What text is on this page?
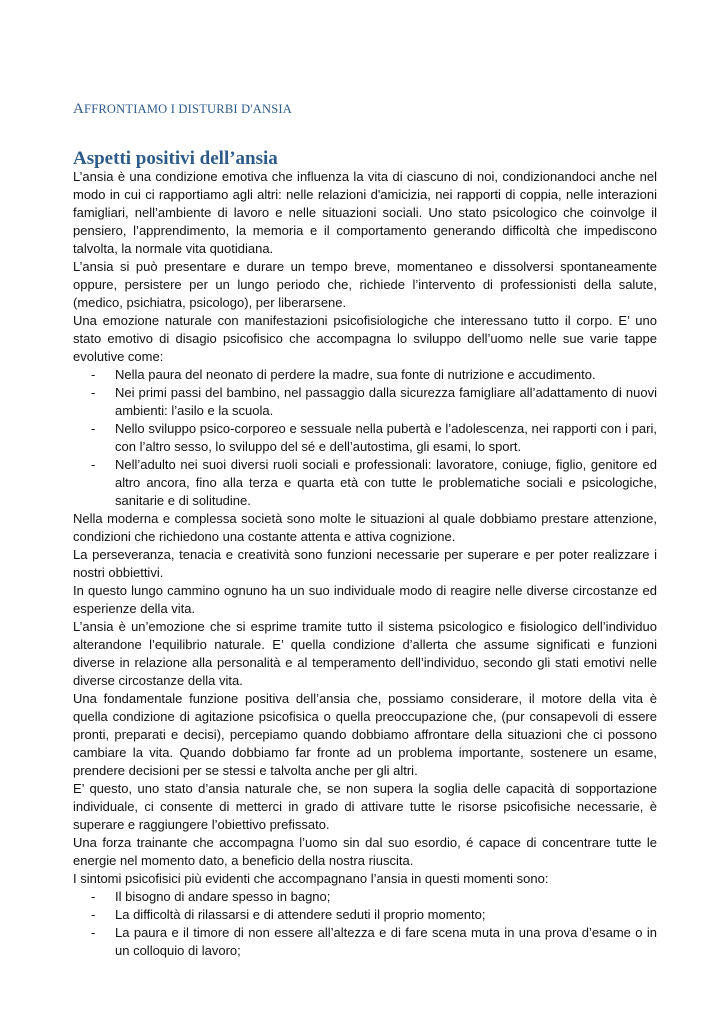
AFFRONTIAMO I DISTURBI D'ANSIA
Aspetti positivi dell’ansia

L’ansia è una condizione emotiva che influenza la vita di ciascuno di noi, condizionandoci anche nel modo in cui ci rapportiamo agli altri: nelle relazioni d'amicizia, nei rapporti di coppia, nelle interazioni famigliari, nell’ambiente di lavoro e nelle situazioni sociali. Uno stato psicologico che coinvolge il pensiero, l’apprendimento, la memoria e il comportamento generando difficoltà che impediscono talvolta, la normale vita quotidiana.

L’ansia si può presentare e durare un tempo breve, momentaneo e dissolversi spontaneamente oppure, persistere per un lungo periodo che, richiede l’intervento di professionisti della salute, (medico, psichiatra, psicologo), per liberarsene.

Una emozione naturale con manifestazioni psicofisiologiche che interessano tutto il corpo. E’ uno stato emotivo di disagio psicofisico che accompagna lo sviluppo dell’uomo nelle sue varie tappe evolutive come:

- Nella paura del neonato di perdere la madre, sua fonte di nutrizione e accudimento.
- Nei primi passi del bambino, nel passaggio dalla sicurezza famigliare all’adattamento di nuovi ambienti: l’asilo e la scuola.
- Nello sviluppo psico-corporeo e sessuale nella pubertà e l’adolescenza, nei rapporti con i pari, con l’altro sesso, lo sviluppo del sé e dell’autostima, gli esami, lo sport.
- Nell’adulto nei suoi diversi ruoli sociali e professionali: lavoratore, coniuge, figlio, genitore ed altro ancora, fino alla terza e quarta età con tutte le problematiche sociali e psicologiche, sanitarie e di solitudine.

Nella moderna e complessa società sono molte le situazioni al quale dobbiamo prestare attenzione, condizioni che richiedono una costante attenta e attiva cognizione.

La perseveranza, tenacia e creatività sono funzioni necessarie per superare e per poter realizzare i nostri obbiettivi.

In questo lungo cammino ognuno ha un suo individuale modo di reagire nelle diverse circostanze ed esperienze della vita.

L’ansia è un’emozione che si esprime tramite tutto il sistema psicologico e fisiologico dell’individuo alterandone l’equilibrio naturale. E’ quella condizione d’allerta che assume significati e funzioni diverse in relazione alla personalità e al temperamento dell’individuo, secondo gli stati emotivi nelle diverse circostanze della vita.

Una fondamentale funzione positiva dell’ansia che, possiamo considerare, il motore della vita è quella condizione di agitazione psicofisica o quella preoccupazione che, (pur consapevoli di essere pronti, preparati e decisi), percepiamo quando dobbiamo affrontare della situazioni che ci possono cambiare la vita. Quando dobbiamo far fronte ad un problema importante, sostenere un esame, prendere decisioni per se stessi e talvolta anche per gli altri.

E’ questo, uno stato d’ansia naturale che, se non supera la soglia delle capacità di sopportazione individuale, ci consente di metterci in grado di attivare tutte le risorse psicofisiche necessarie, è superare e raggiungere l’obiettivo prefissato.

Una forza trainante che accompagna l’uomo sin dal suo esordio, é capace di concentrare tutte le energie nel momento dato, a beneficio della nostra riuscita.

I sintomi psicofisici più evidenti che accompagnano l’ansia in questi momenti sono:

- Il bisogno di andare spesso in bagno;
- La difficoltà di rilassarsi e di attendere seduti il proprio momento;
- La paura e il timore di non essere all’altezza e di fare scena muta in una prova d’esame o in un colloquio di lavoro;
